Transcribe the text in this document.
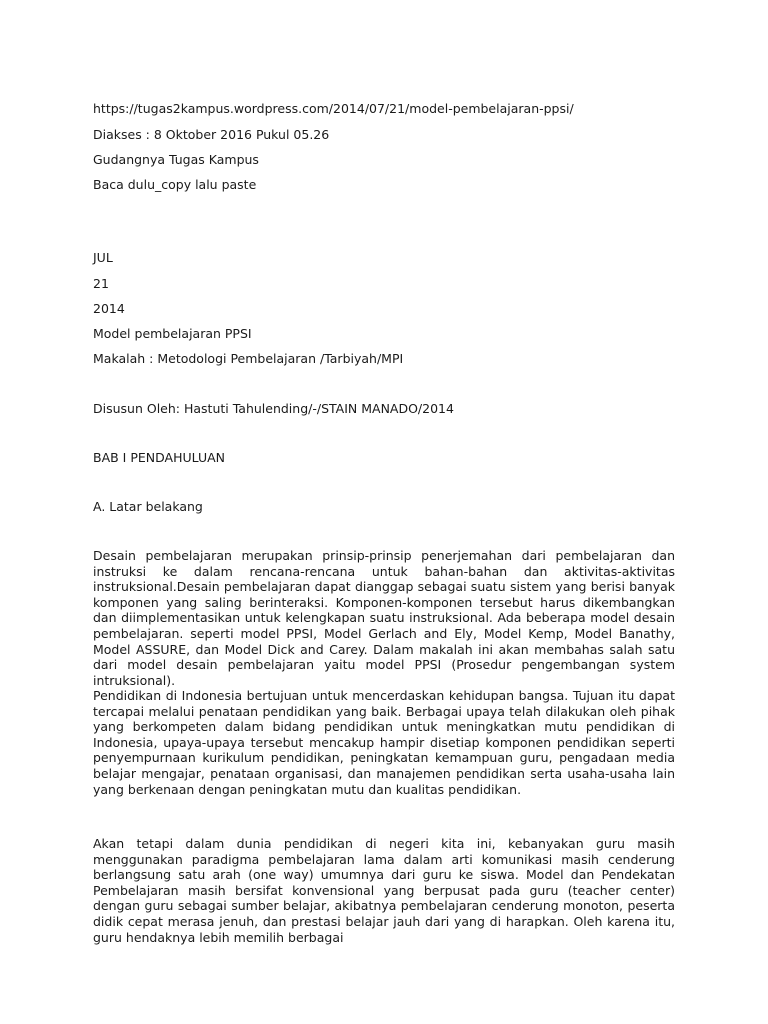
https://tugas2kampus.wordpress.com/2014/07/21/model-pembelajaran-ppsi/
Diakses : 8 Oktober 2016 Pukul 05.26
Gudangnya Tugas Kampus
Baca dulu_copy lalu paste
JUL
21
2014
Model pembelajaran PPSI
Makalah : Metodologi Pembelajaran /Tarbiyah/MPI
Disusun Oleh: Hastuti Tahulending/-/STAIN MANADO/2014
BAB I PENDAHULUAN
A. Latar belakang
Desain pembelajaran merupakan prinsip-prinsip penerjemahan dari pembelajaran dan instruksi ke dalam rencana-rencana untuk bahan-bahan dan aktivitas-aktivitas instruksional.Desain pembelajaran dapat dianggap sebagai suatu sistem yang berisi banyak komponen yang saling berinteraksi. Komponen-komponen tersebut harus dikembangkan dan diimplementasikan untuk kelengkapan suatu instruksional. Ada beberapa model desain pembelajaran. seperti model PPSI, Model Gerlach and Ely, Model Kemp, Model Banathy, Model ASSURE, dan Model Dick and Carey. Dalam makalah ini akan membahas salah satu dari model desain pembelajaran yaitu model PPSI (Prosedur pengembangan system intruksional).
Pendidikan di Indonesia bertujuan untuk mencerdaskan kehidupan bangsa. Tujuan itu dapat tercapai melalui penataan pendidikan yang baik. Berbagai upaya telah dilakukan oleh pihak yang berkompeten dalam bidang pendidikan untuk meningkatkan mutu pendidikan di Indonesia, upaya-upaya tersebut mencakup hampir disetiap komponen pendidikan seperti penyempurnaan kurikulum pendidikan, peningkatan kemampuan guru, pengadaan media belajar mengajar, penataan organisasi, dan manajemen pendidikan serta usaha-usaha lain yang berkenaan dengan peningkatan mutu dan kualitas pendidikan.
Akan tetapi dalam dunia pendidikan di negeri kita ini, kebanyakan guru masih menggunakan paradigma pembelajaran lama dalam arti komunikasi masih cenderung berlangsung satu arah (one way) umumnya dari guru ke siswa. Model dan Pendekatan Pembelajaran masih bersifat konvensional yang berpusat pada guru (teacher center) dengan guru sebagai sumber belajar, akibatnya pembelajaran cenderung monoton, peserta didik cepat merasa jenuh, dan prestasi belajar jauh dari yang di harapkan. Oleh karena itu, guru hendaknya lebih memilih berbagai
